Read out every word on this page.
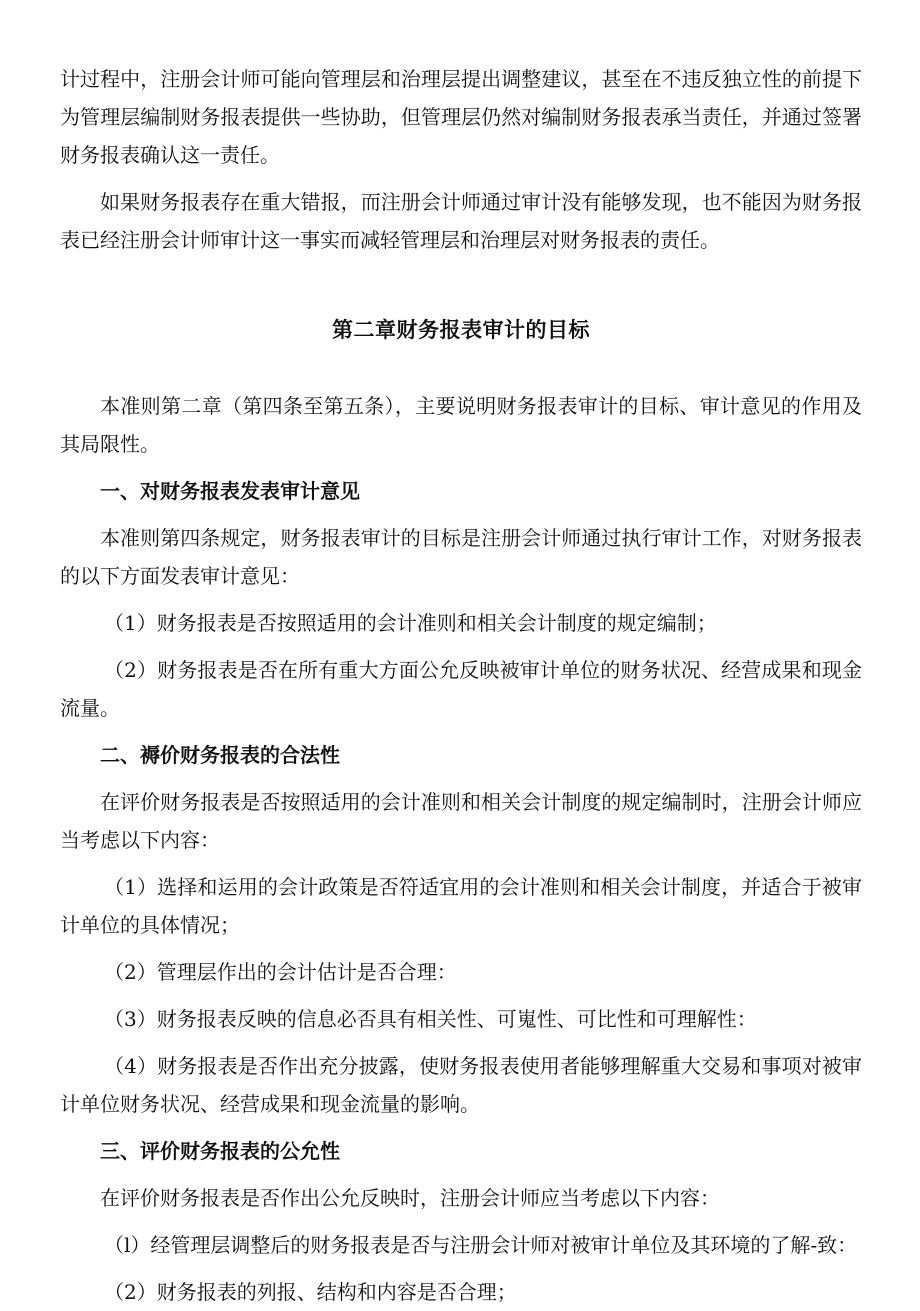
计过程中，注册会计师可能向管理层和治理层提出调整建议，甚至在不违反独立性的前提下为管理层编制财务报表提供一些协助，但管理层仍然对编制财务报表承当责任，并通过签署财务报表确认这一责任。

如果财务报表存在重大错报，而注册会计师通过审计没有能够发现，也不能因为财务报表已经注册会计师审计这一事实而减轻管理层和治理层对财务报表的责任。

第二章财务报表审计的目标

本准则第二章（第四条至第五条），主要说明财务报表审计的目标、审计意见的作用及其局限性。

一、对财务报表发表审计意见

本准则第四条规定，财务报表审计的目标是注册会计师通过执行审计工作，对财务报表的以下方面发表审计意见：

（1）财务报表是否按照适用的会计准则和相关会计制度的规定编制；

（2）财务报表是否在所有重大方面公允反映被审计单位的财务状况、经营成果和现金流量。

二、褥价财务报表的合法性

在评价财务报表是否按照适用的会计准则和相关会计制度的规定编制时，注册会计师应当考虑以下内容：

（1）选择和运用的会计政策是否符适宜用的会计准则和相关会计制度，并适合于被审计单位的具体情况；

（2）管理层作出的会计估计是否合理：

（3）财务报表反映的信息必否具有相关性、可嵬性、可比性和可理解性：

（4）财务报表是否作出充分披露，使财务报表使用者能够理解重大交易和事项对被审计单位财务状况、经营成果和现金流量的影响。

三、评价财务报表的公允性

在评价财务报表是否作出公允反映时，注册会计师应当考虑以下内容：

（l）经管理层调整后的财务报表是否与注册会计师对被审计单位及其环境的了解-致：

（2）财务报表的列报、结构和内容是否合理；
